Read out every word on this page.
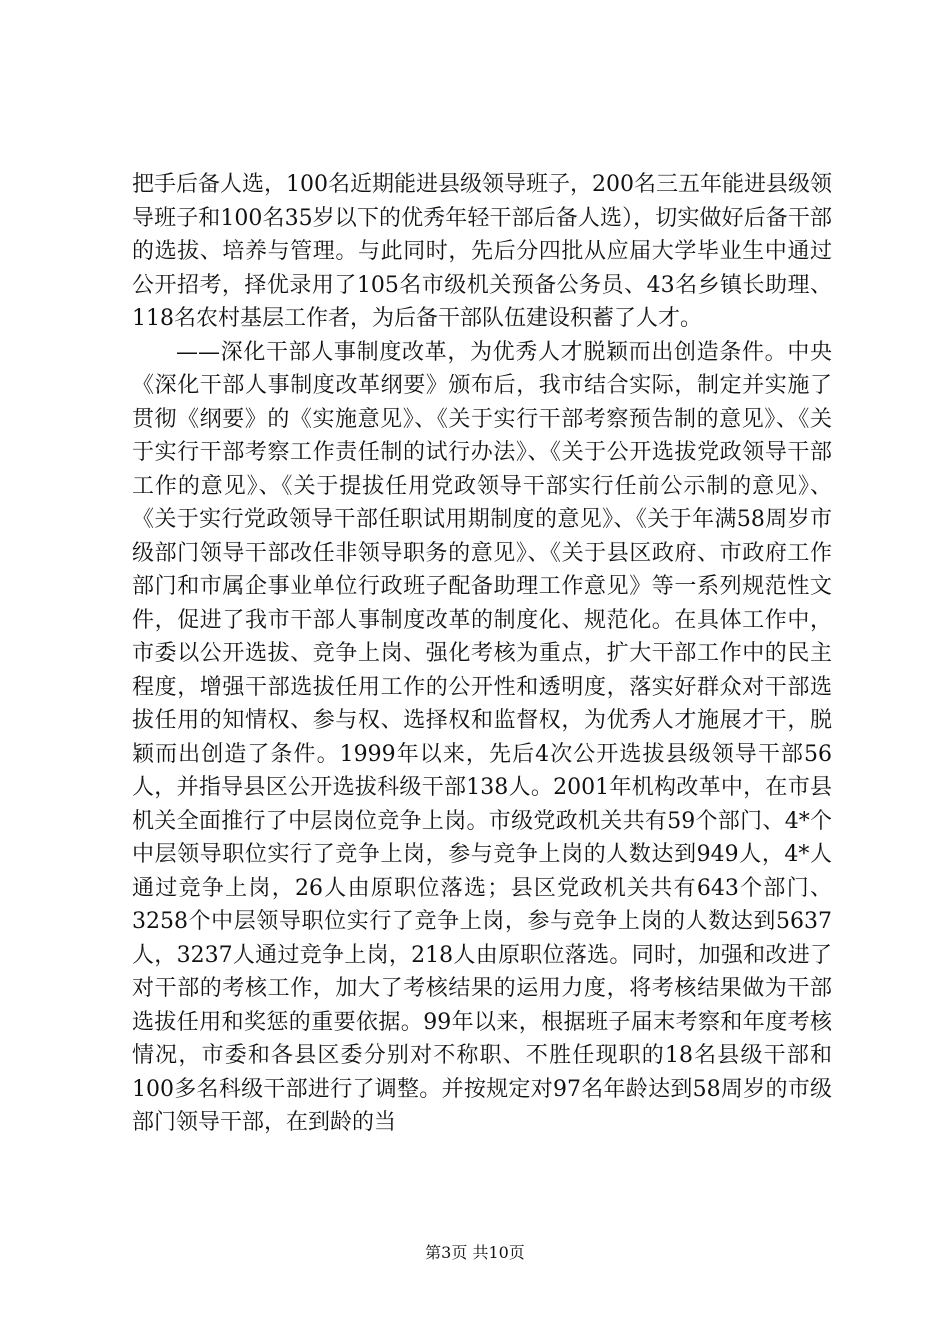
把手后备人选，100名近期能进县级领导班子，200名三五年能进县级领导班子和100名35岁以下的优秀年轻干部后备人选），切实做好后备干部的选拔、培养与管理。与此同时，先后分四批从应届大学毕业生中通过公开招考，择优录用了105名市级机关预备公务员、43名乡镇长助理、118名农村基层工作者，为后备干部队伍建设积蓄了人才。

——深化干部人事制度改革，为优秀人才脱颖而出创造条件。中央《深化干部人事制度改革纲要》颁布后，我市结合实际，制定并实施了贯彻《纲要》的《实施意见》、《关于实行干部考察预告制的意见》、《关于实行干部考察工作责任制的试行办法》、《关于公开选拔党政领导干部工作的意见》、《关于提拔任用党政领导干部实行任前公示制的意见》、《关于实行党政领导干部任职试用期制度的意见》、《关于年满58周岁市级部门领导干部改任非领导职务的意见》、《关于县区政府、市政府工作部门和市属企事业单位行政班子配备助理工作意见》等一系列规范性文件，促进了我市干部人事制度改革的制度化、规范化。在具体工作中，市委以公开选拔、竞争上岗、强化考核为重点，扩大干部工作中的民主程度，增强干部选拔任用工作的公开性和透明度，落实好群众对干部选拔任用的知情权、参与权、选择权和监督权，为优秀人才施展才干，脱颖而出创造了条件。1999年以来，先后4次公开选拔县级领导干部56人，并指导县区公开选拔科级干部138人。2001年机构改革中，在市县机关全面推行了中层岗位竞争上岗。市级党政机关共有59个部门、4*个中层领导职位实行了竞争上岗，参与竞争上岗的人数达到949人，4*人通过竞争上岗，26人由原职位落选；县区党政机关共有643个部门、3258个中层领导职位实行了竞争上岗，参与竞争上岗的人数达到5637人，3237人通过竞争上岗，218人由原职位落选。同时，加强和改进了对干部的考核工作，加大了考核结果的运用力度，将考核结果做为干部选拔任用和奖惩的重要依据。99年以来，根据班子届末考察和年度考核情况，市委和各县区委分别对不称职、不胜任现职的18名县级干部和100多名科级干部进行了调整。并按规定对97名年龄达到58周岁的市级部门领导干部，在到龄的当

第3页 共10页
